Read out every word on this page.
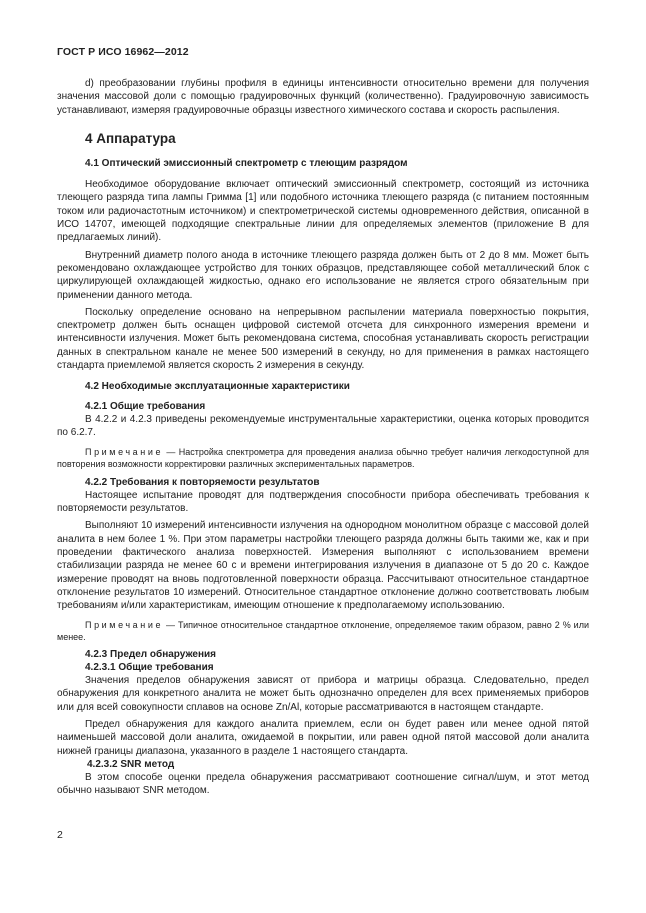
ГОСТ Р ИСО 16962—2012

d) преобразовании глубины профиля в единицы интенсивности относительно времени для получения значения массовой доли с помощью градуировочных функций (количественно). Градуировочную зависимость устанавливают, измеряя градуировочные образцы известного химического состава и скорость распыления.

4 Аппаратура
4.1 Оптический эмиссионный спектрометр с тлеющим разрядом

Необходимое оборудование включает оптический эмиссионный спектрометр, состоящий из источника тлеющего разряда типа лампы Гримма [1] или подобного источника тлеющего разряда (с питанием постоянным током или радиочастотным источником) и спектрометрической системы одновременного действия, описанной в ИСО 14707, имеющей подходящие спектральные линии для определяемых элементов (приложение В для предлагаемых линий).

Внутренний диаметр полого анода в источнике тлеющего разряда должен быть от 2 до 8 мм. Может быть рекомендовано охлаждающее устройство для тонких образцов, представляющее собой металлический блок с циркулирующей охлаждающей жидкостью, однако его использование не является строго обязательным при применении данного метода.

Поскольку определение основано на непрерывном распылении материала поверхностью покрытия, спектрометр должен быть оснащен цифровой системой отсчета для синхронного измерения времени и интенсивности излучения. Может быть рекомендована система, способная устанавливать скорость регистрации данных в спектральном канале не менее 500 измерений в секунду, но для применения в рамках настоящего стандарта приемлемой является скорость 2 измерения в секунду.

4.2 Необходимые эксплуатационные характеристики
4.2.1 Общие требования

В 4.2.2 и 4.2.3 приведены рекомендуемые инструментальные характеристики, оценка которых проводится по 6.2.7.

Примечание — Настройка спектрометра для проведения анализа обычно требует наличия легкодоступной для повторения возможности корректировки различных экспериментальных параметров.

4.2.2 Требования к повторяемости результатов

Настоящее испытание проводят для подтверждения способности прибора обеспечивать требования к повторяемости результатов.

Выполняют 10 измерений интенсивности излучения на однородном монолитном образце с массовой долей аналита в нем более 1 %. При этом параметры настройки тлеющего разряда должны быть такими же, как и при проведении фактического анализа поверхностей. Измерения выполняют с использованием времени стабилизации разряда не менее 60 с и времени интегрирования излучения в диапазоне от 5 до 20 с. Каждое измерение проводят на вновь подготовленной поверхности образца. Рассчитывают относительное стандартное отклонение результатов 10 измерений. Относительное стандартное отклонение должно соответствовать любым требованиям и/или характеристикам, имеющим отношение к предполагаемому использованию.

Примечание — Типичное относительное стандартное отклонение, определяемое таким образом, равно 2 % или менее.

4.2.3 Предел обнаружения
4.2.3.1 Общие требования

Значения пределов обнаружения зависят от прибора и матрицы образца. Следовательно, предел обнаружения для конкретного аналита не может быть однозначно определен для всех применяемых приборов или для всей совокупности сплавов на основе Zn/Al, которые рассматриваются в настоящем стандарте.

Предел обнаружения для каждого аналита приемлем, если он будет равен или менее одной пятой наименьшей массовой доли аналита, ожидаемой в покрытии, или равен одной пятой массовой доли аналита нижней границы диапазона, указанного в разделе 1 настоящего стандарта.

4.2.3.2 SNR метод

В этом способе оценки предела обнаружения рассматривают соотношение сигнал/шум, и этот метод обычно называют SNR методом.

2
